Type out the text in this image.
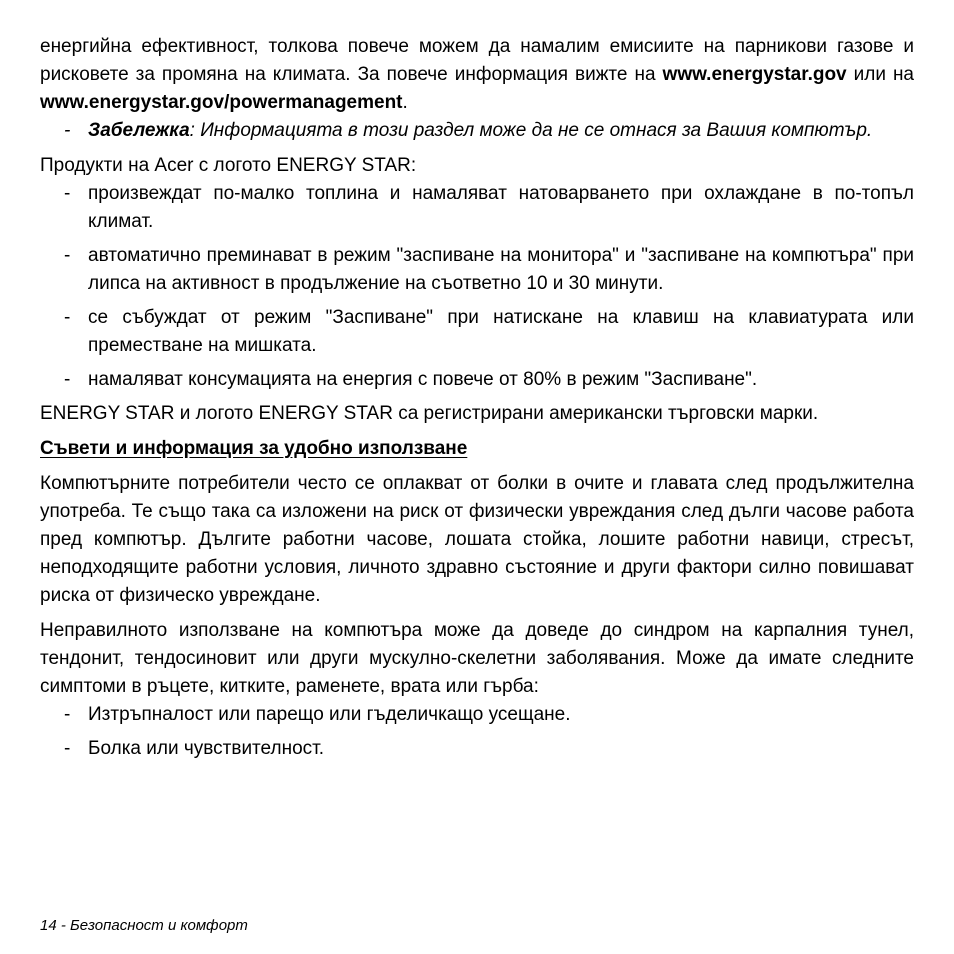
енергийна ефективност, толкова повече можем да намалим емисиите на парникови газове и рисковете за промяна на климата. За повече информация вижте на www.energystar.gov или на www.energystar.gov/powermanagement.

- Забележка: Информацията в този раздел може да не се отнася за Вашия компютър.

Продукти на Acer с логото ENERGY STAR:

- произвеждат по-малко топлина и намаляват натоварването при охлаждане в по-топъл климат.
- автоматично преминават в режим "заспиване на монитора" и "заспиване на компютъра" при липса на активност в продължение на съответно 10 и 30 минути.
- се събуждат от режим "Заспиване" при натискане на клавиш на клавиатурата или преместване на мишката.
- намаляват консумацията на енергия с повече от 80% в режим "Заспиване".

ENERGY STAR и логото ENERGY STAR са регистрирани американски търговски марки.

Съвети и информация за удобно използване

Компютърните потребители често се оплакват от болки в очите и главата след продължителна употреба. Те също така са изложени на риск от физически увреждания след дълги часове работа пред компютър. Дългите работни часове, лошата стойка, лошите работни навици, стресът, неподходящите работни условия, личното здравно състояние и други фактори силно повишават риска от физическо увреждане.

Неправилното използване на компютъра може да доведе до синдром на карпалния тунел, тендонит, тендосиновит или други мускулно-скелетни заболявания. Може да имате следните симптоми в ръцете, китките, раменете, врата или гърба:

- Изтръпналост или парещо или гъделичкащо усещане.
- Болка или чувствителност.
14 - Безопасност и комфорт
